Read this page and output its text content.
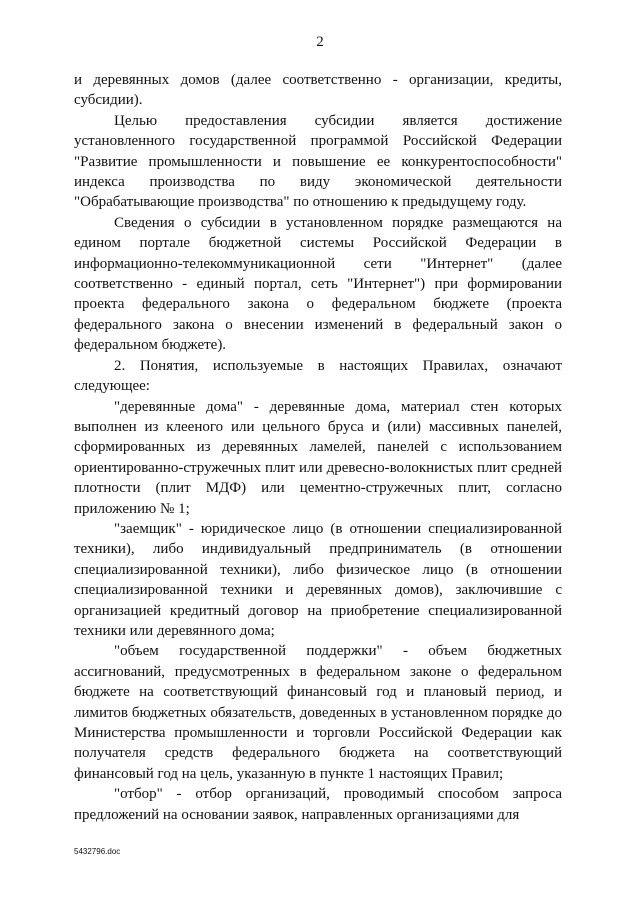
2

и деревянных домов (далее соответственно - организации, кредиты, субсидии).

Целью предоставления субсидии является достижение установленного государственной программой Российской Федерации "Развитие промышленности и повышение ее конкурентоспособности" индекса производства по виду экономической деятельности "Обрабатывающие производства" по отношению к предыдущему году.

Сведения о субсидии в установленном порядке размещаются на едином портале бюджетной системы Российской Федерации в информационно-телекоммуникационной сети "Интернет" (далее соответственно - единый портал, сеть "Интернет") при формировании проекта федерального закона о федеральном бюджете (проекта федерального закона о внесении изменений в федеральный закон о федеральном бюджете).

2. Понятия, используемые в настоящих Правилах, означают следующее:

"деревянные дома" - деревянные дома, материал стен которых выполнен из клееного или цельного бруса и (или) массивных панелей, сформированных из деревянных ламелей, панелей с использованием ориентированно-стружечных плит или древесно-волокнистых плит средней плотности (плит МДФ) или цементно-стружечных плит, согласно приложению № 1;

"заемщик" - юридическое лицо (в отношении специализированной техники), либо индивидуальный предприниматель (в отношении специализированной техники), либо физическое лицо (в отношении специализированной техники и деревянных домов), заключившие с организацией кредитный договор на приобретение специализированной техники или деревянного дома;

"объем государственной поддержки" - объем бюджетных ассигнований, предусмотренных в федеральном законе о федеральном бюджете на соответствующий финансовый год и плановый период, и лимитов бюджетных обязательств, доведенных в установленном порядке до Министерства промышленности и торговли Российской Федерации как получателя средств федерального бюджета на соответствующий финансовый год на цель, указанную в пункте 1 настоящих Правил;

"отбор" - отбор организаций, проводимый способом запроса предложений на основании заявок, направленных организациями для

5432796.doc
